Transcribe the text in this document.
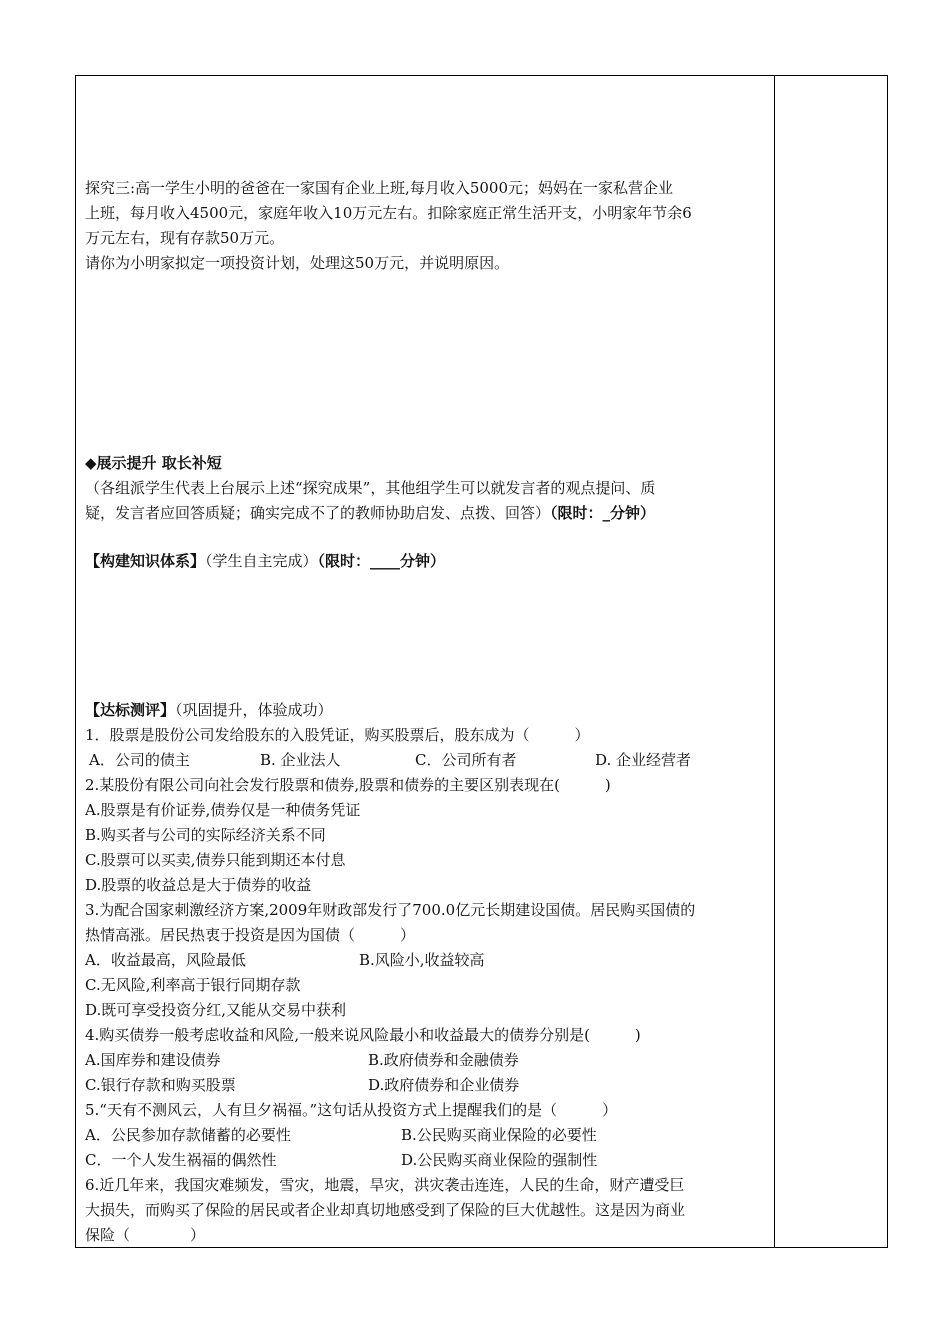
探究三:高一学生小明的爸爸在一家国有企业上班,每月收入5000元；妈妈在一家私营企业
上班，每月收入4500元，家庭年收入10万元左右。扣除家庭正常生活开支，小明家年节余6
万元左右，现有存款50万元。
请你为小明家拟定一项投资计划，处理这50万元，并说明原因。
◆展示提升 取长补短
（各组派学生代表上台展示上述“探究成果”，其他组学生可以就发言者的观点提问、质
疑，发言者应回答质疑；确实完成不了的教师协助启发、点拨、回答）（限时：_分钟）
【构建知识体系】（学生自主完成）（限时：____分钟）
【达标测评】（巩固提升，体验成功）
1．股票是股份公司发给股东的入股凭证，购买股票后，股东成为（　　　）
A．公司的债主	B. 企业法人	C．公司所有者	D. 企业经营者
2.某股份有限公司向社会发行股票和债券,股票和债券的主要区别表现在(　　　)
A.股票是有价证券,债券仅是一种债务凭证
B.购买者与公司的实际经济关系不同
C.股票可以买卖,债券只能到期还本付息
D.股票的收益总是大于债券的收益
3.为配合国家刺激经济方案,2009年财政部发行了700.0亿元长期建设国债。居民购买国债的
热情高涨。居民热衷于投资是因为国债（　　　）
A．收益最高，风险最低	B.风险小,收益较高
C.无风险,利率高于银行同期存款
D.既可享受投资分红,又能从交易中获利
4.购买债券一般考虑收益和风险,一般来说风险最小和收益最大的债券分别是(　　　)
A.国库券和建设债券	B.政府债券和金融债券
C.银行存款和购买股票	D.政府债券和企业债券
5.“天有不测风云，人有旦夕祸福。”这句话从投资方式上提醒我们的是（　　　）
A．公民参加存款储蓄的必要性	B.公民购买商业保险的必要性
C．一个人发生祸福的偶然性	D.公民购买商业保险的强制性
6.近几年来，我国灾难频发，雪灾，地震，旱灾，洪灾袭击连连，人民的生命，财产遭受巨
大损失，而购买了保险的居民或者企业却真切地感受到了保险的巨大优越性。这是因为商业
保险（　　　　）
